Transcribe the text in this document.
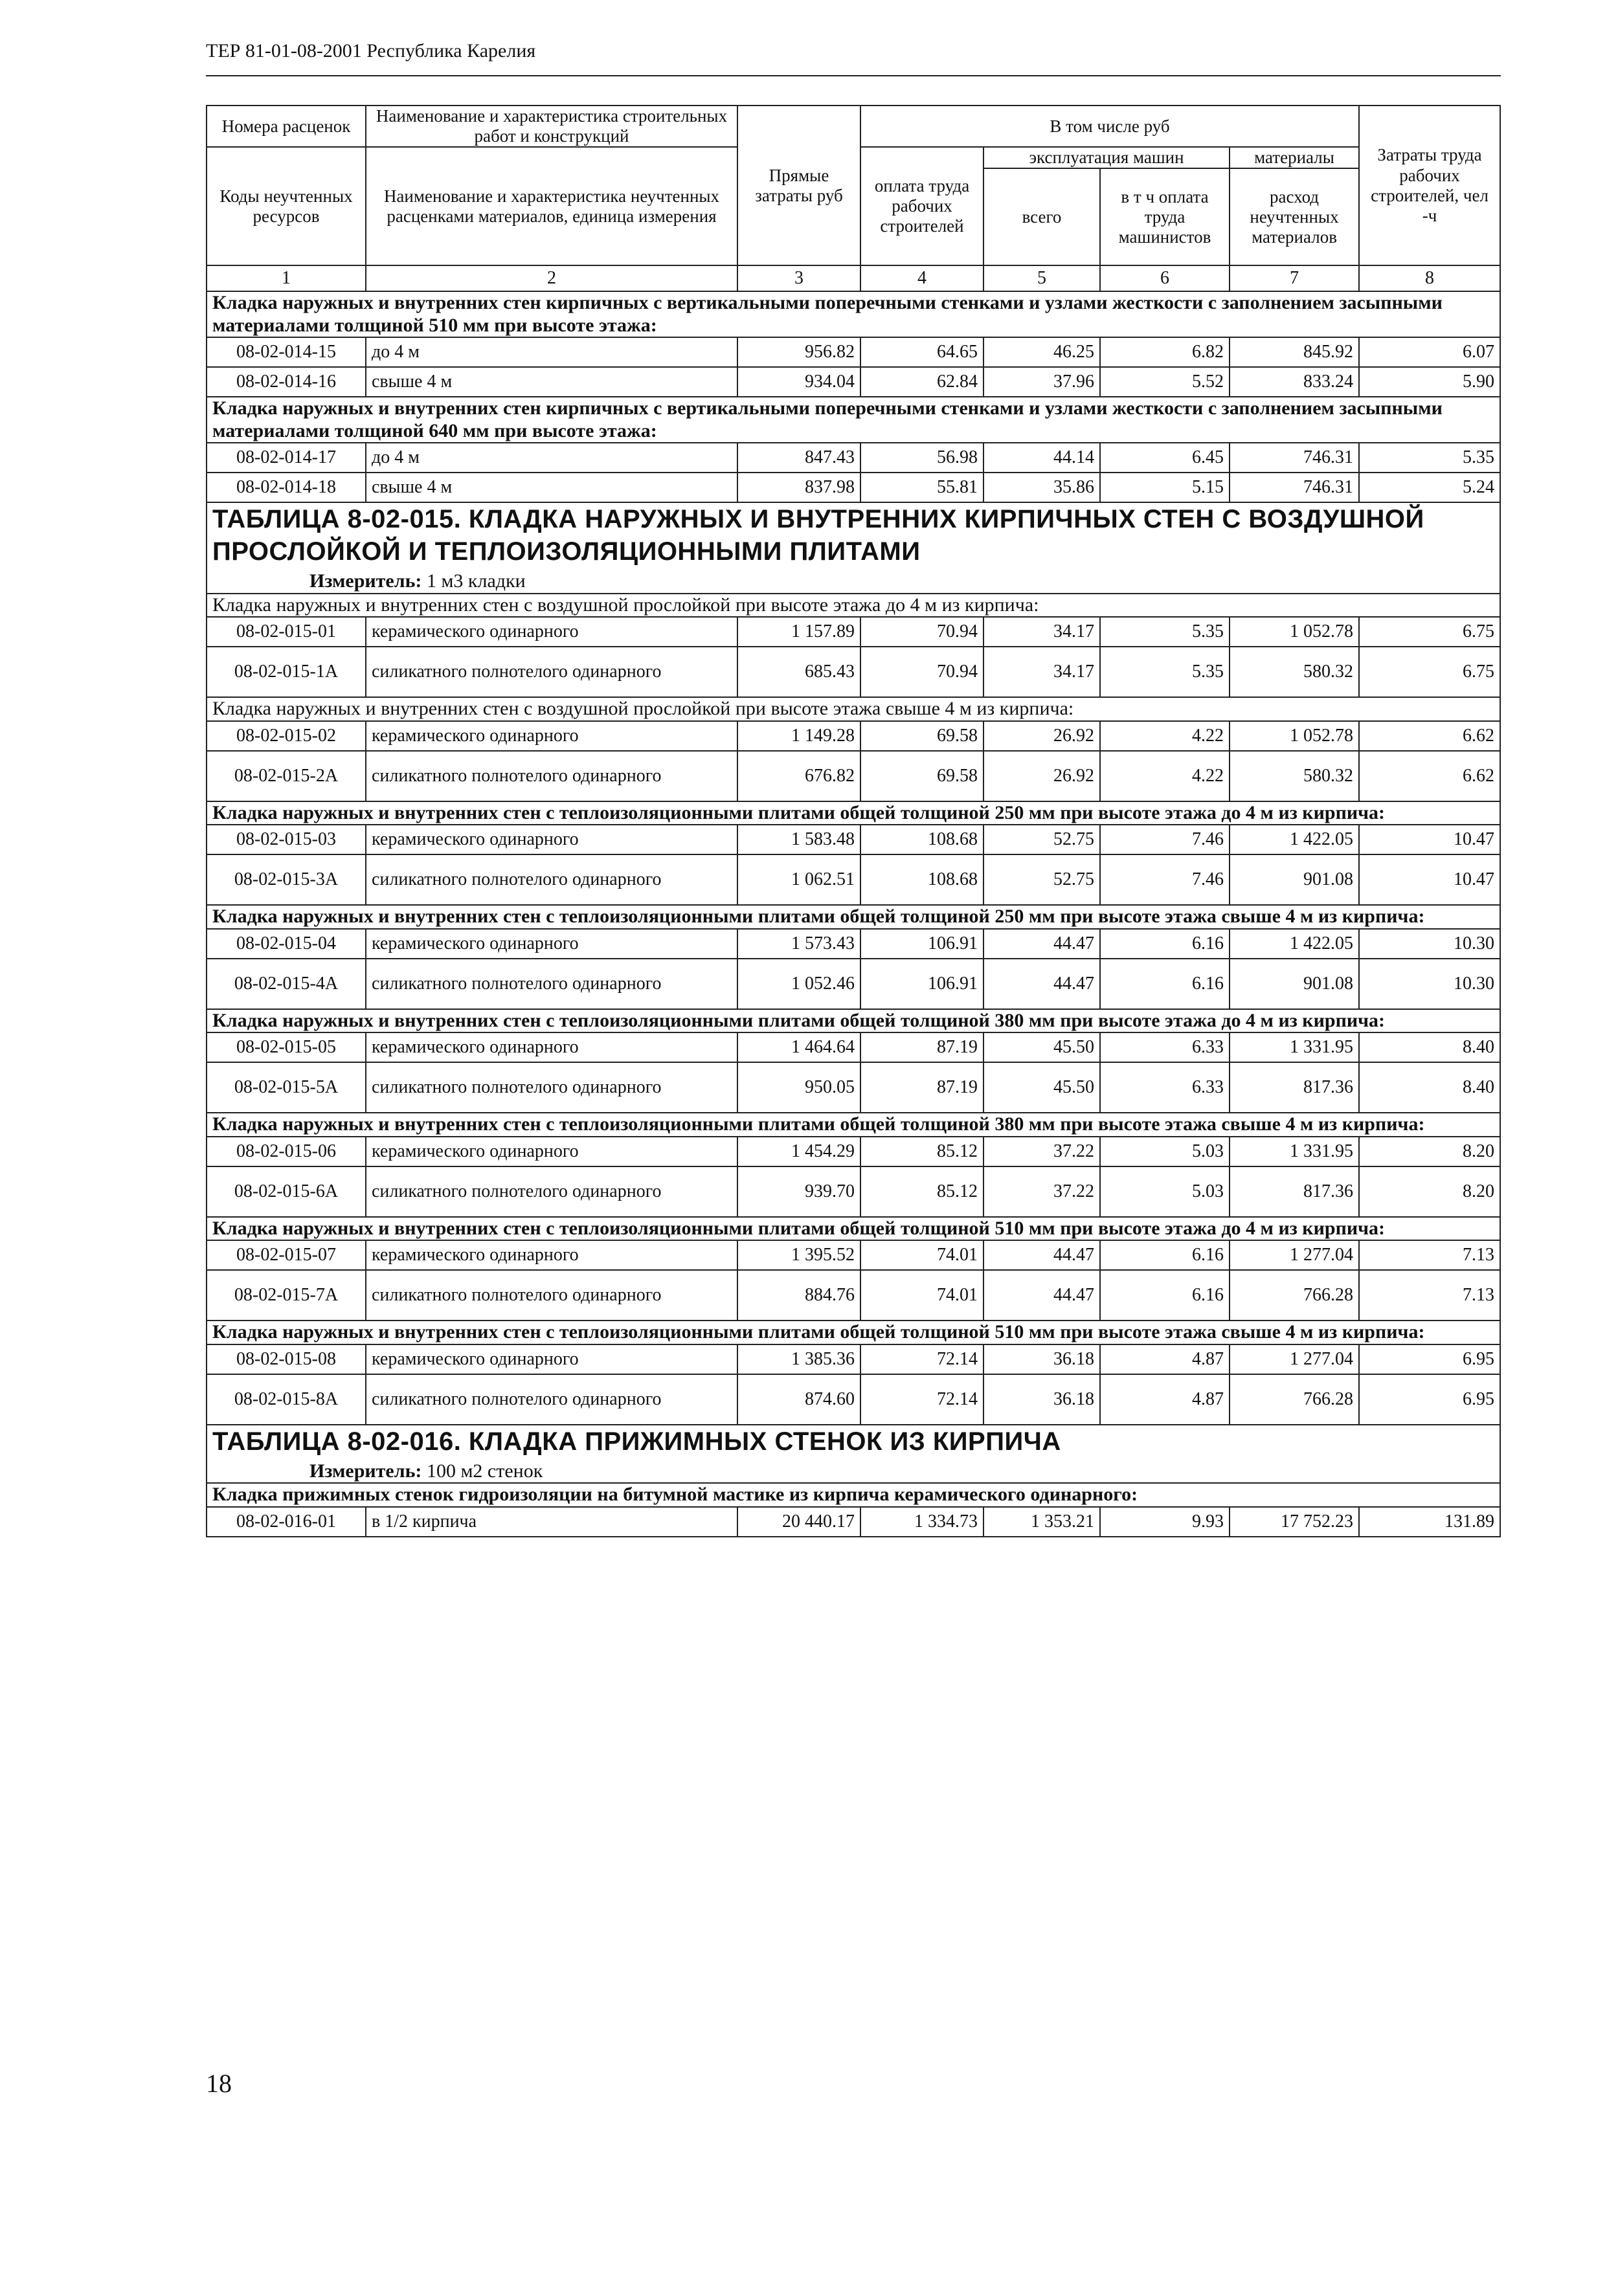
ТЕР 81-01-08-2001 Республика Карелия
Номера расценок	Наименование и характеристика строительных работ и конструкций	Прямые затраты руб	В том числе руб				Затраты труда рабочих строителей, чел -ч
Коды неучтенных ресурсов	Наименование и характеристика неучтенных расценками материалов, единица измерения		оплата труда рабочих строителей	эксплуатация машин		материалы	
				всего	в т ч оплата труда машинистов	расход неучтенных материалов	
1	2	3	4	5	6	7	8
Кладка наружных и внутренних стен кирпичных с вертикальными поперечными стенками и узлами жесткости с заполнением засыпными материалами толщиной 510 мм при высоте этажа:							
08-02-014-15	до 4 м	956.82	64.65	46.25	6.82	845.92	6.07
08-02-014-16	свыше 4 м	934.04	62.84	37.96	5.52	833.24	5.90
Кладка наружных и внутренних стен кирпичных с вертикальными поперечными стенками и узлами жесткости с заполнением засыпными материалами толщиной 640 мм при высоте этажа:							
08-02-014-17	до 4 м	847.43	56.98	44.14	6.45	746.31	5.35
08-02-014-18	свыше 4 м	837.98	55.81	35.86	5.15	746.31	5.24

ТАБЛИЦА 8-02-015. КЛАДКА НАРУЖНЫХ И ВНУТРЕННИХ КИРПИЧНЫХ СТЕН С ВОЗДУШНОЙ ПРОСЛОЙКОЙ И ТЕПЛОИЗОЛЯЦИОННЫМИ ПЛИТАМИ
Измеритель: 1 м3 кладки							

Кладка наружных и внутренних стен с воздушной прослойкой при высоте этажа до 4 м из кирпича:							
08-02-015-01	керамического одинарного	1 157.89	70.94	34.17	5.35	1 052.78	6.75
08-02-015-1А	силикатного полнотелого одинарного	685.43	70.94	34.17	5.35	580.32	6.75
Кладка наружных и внутренних стен с воздушной прослойкой при высоте этажа свыше 4 м из кирпича:							
08-02-015-02	керамического одинарного	1 149.28	69.58	26.92	4.22	1 052.78	6.62
08-02-015-2А	силикатного полнотелого одинарного	676.82	69.58	26.92	4.22	580.32	6.62
Кладка наружных и внутренних стен с теплоизоляционными плитами общей толщиной 250 мм при высоте этажа до 4 м из кирпича:							
08-02-015-03	керамического одинарного	1 583.48	108.68	52.75	7.46	1 422.05	10.47
08-02-015-3А	силикатного полнотелого одинарного	1 062.51	108.68	52.75	7.46	901.08	10.47
Кладка наружных и внутренних стен с теплоизоляционными плитами общей толщиной 250 мм при высоте этажа свыше 4 м из кирпича:							
08-02-015-04	керамического одинарного	1 573.43	106.91	44.47	6.16	1 422.05	10.30
08-02-015-4А	силикатного полнотелого одинарного	1 052.46	106.91	44.47	6.16	901.08	10.30
Кладка наружных и внутренних стен с теплоизоляционными плитами общей толщиной 380 мм при высоте этажа до 4 м из кирпича:							
08-02-015-05	керамического одинарного	1 464.64	87.19	45.50	6.33	1 331.95	8.40
08-02-015-5А	силикатного полнотелого одинарного	950.05	87.19	45.50	6.33	817.36	8.40
Кладка наружных и внутренних стен с теплоизоляционными плитами общей толщиной 380 мм при высоте этажа свыше 4 м из кирпича:							
08-02-015-06	керамического одинарного	1 454.29	85.12	37.22	5.03	1 331.95	8.20
08-02-015-6А	силикатного полнотелого одинарного	939.70	85.12	37.22	5.03	817.36	8.20
Кладка наружных и внутренних стен с теплоизоляционными плитами общей толщиной 510 мм при высоте этажа до 4 м из кирпича:							
08-02-015-07	керамического одинарного	1 395.52	74.01	44.47	6.16	1 277.04	7.13
08-02-015-7А	силикатного полнотелого одинарного	884.76	74.01	44.47	6.16	766.28	7.13
Кладка наружных и внутренних стен с теплоизоляционными плитами общей толщиной 510 мм при высоте этажа свыше 4 м из кирпича:							
08-02-015-08	керамического одинарного	1 385.36	72.14	36.18	4.87	1 277.04	6.95
08-02-015-8А	силикатного полнотелого одинарного	874.60	72.14	36.18	4.87	766.28	6.95

ТАБЛИЦА 8-02-016. КЛАДКА ПРИЖИМНЫХ СТЕНОК ИЗ КИРПИЧА
Измеритель: 100 м2 стенок							

Кладка прижимных стенок гидроизоляции на битумной мастике из кирпича керамического одинарного:							
08-02-016-01	в 1/2 кирпича	20 440.17	1 334.73	1 353.21	9.93	17 752.23	131.89
18
